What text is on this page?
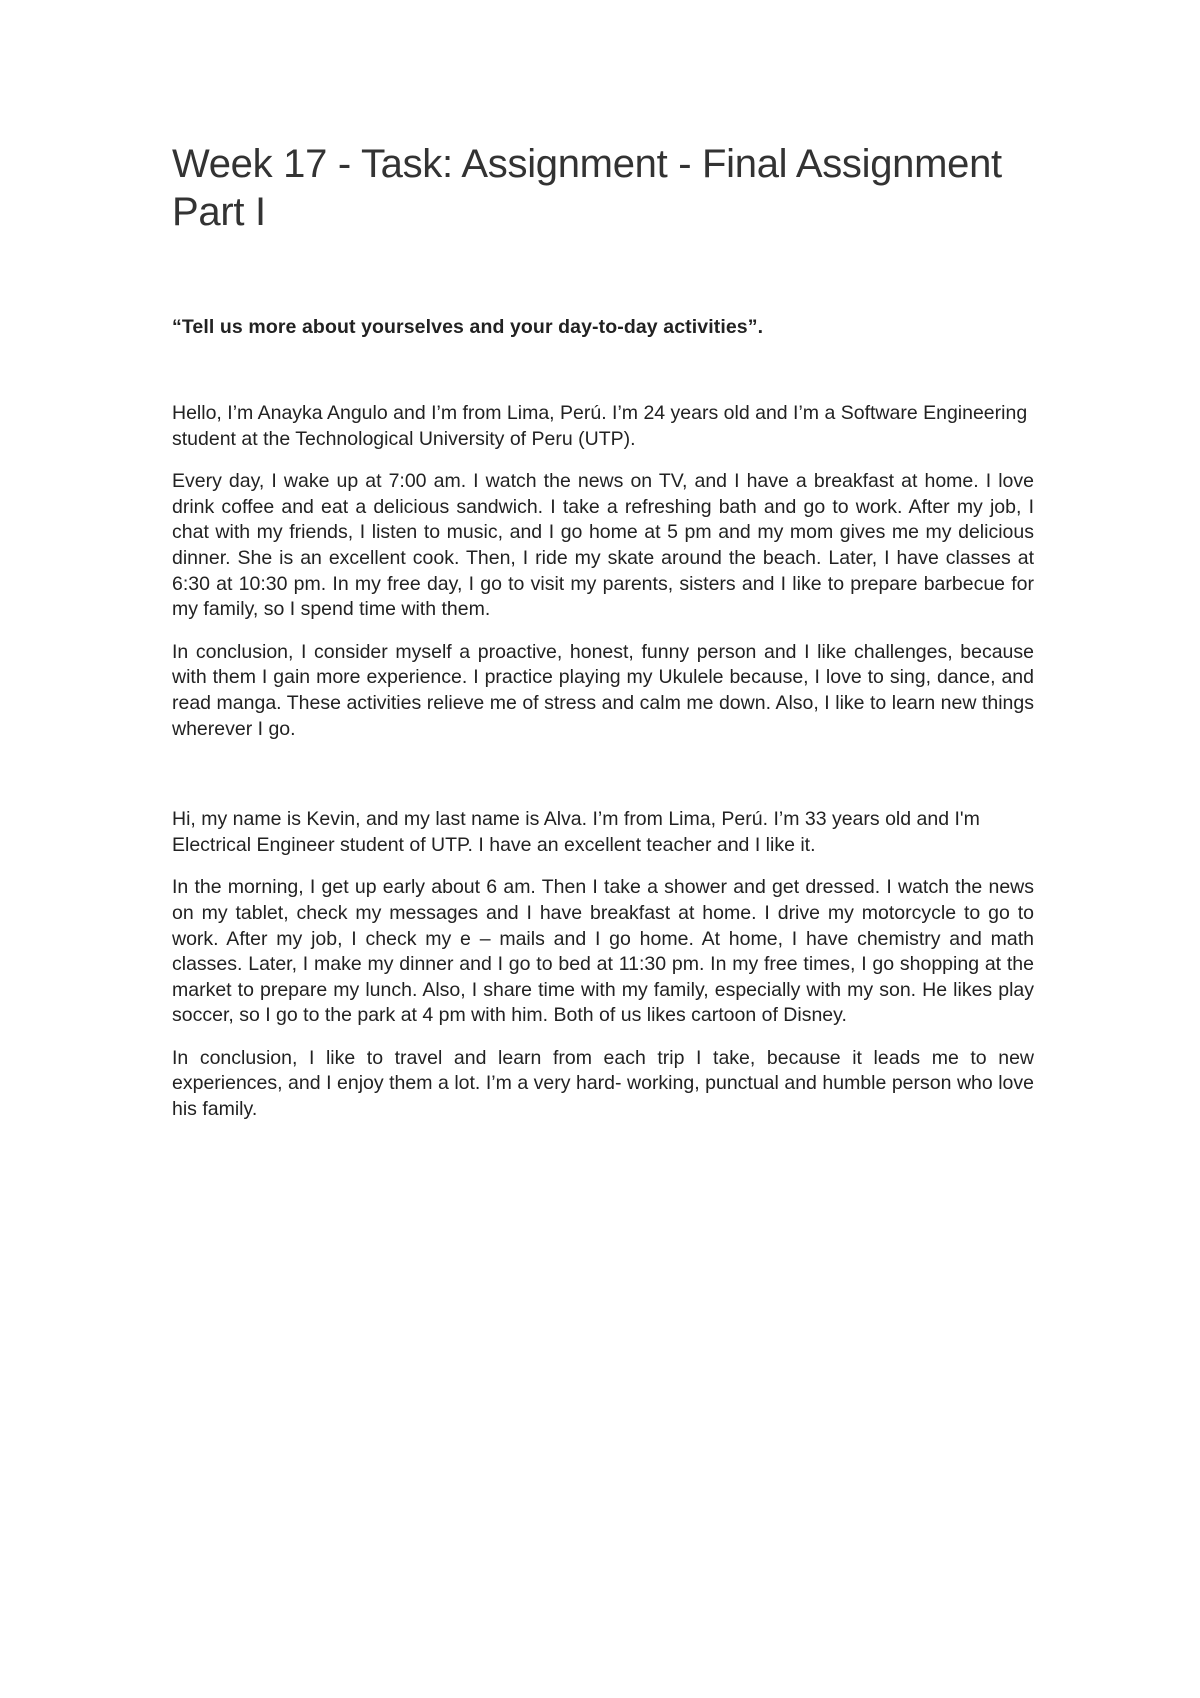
Week 17 - Task: Assignment - Final Assignment Part I

“Tell us more about yourselves and your day-to-day activities”.

Hello, I’m Anayka Angulo and I’m from Lima, Perú. I’m 24 years old and I’m a Software Engineering student at the Technological University of Peru (UTP).

Every day, I wake up at 7:00 am. I watch the news on TV, and I have a breakfast at home. I love drink coffee and eat a delicious sandwich. I take a refreshing bath and go to work. After my job, I chat with my friends, I listen to music, and I go home at 5 pm and my mom gives me my delicious dinner. She is an excellent cook. Then, I ride my skate around the beach. Later, I have classes at 6:30 at 10:30 pm. In my free day, I go to visit my parents, sisters and I like to prepare barbecue for my family, so I spend time with them.

In conclusion, I consider myself a proactive, honest, funny person and I like challenges, because with them I gain more experience. I practice playing my Ukulele because, I love to sing, dance, and read manga. These activities relieve me of stress and calm me down. Also, I like to learn new things wherever I go.

Hi, my name is Kevin, and my last name is Alva. I’m from Lima, Perú. I’m 33 years old and I'm Electrical Engineer student of UTP. I have an excellent teacher and I like it.

In the morning, I get up early about 6 am. Then I take a shower and get dressed. I watch the news on my tablet, check my messages and I have breakfast at home. I drive my motorcycle to go to work. After my job, I check my e – mails and I go home. At home, I have chemistry and math classes. Later, I make my dinner and I go to bed at 11:30 pm. In my free times, I go shopping at the market to prepare my lunch. Also, I share time with my family, especially with my son. He likes play soccer, so I go to the park at 4 pm with him. Both of us likes cartoon of Disney.

In conclusion, I like to travel and learn from each trip I take, because it leads me to new experiences, and I enjoy them a lot. I’m a very hard- working, punctual and humble person who love his family.
